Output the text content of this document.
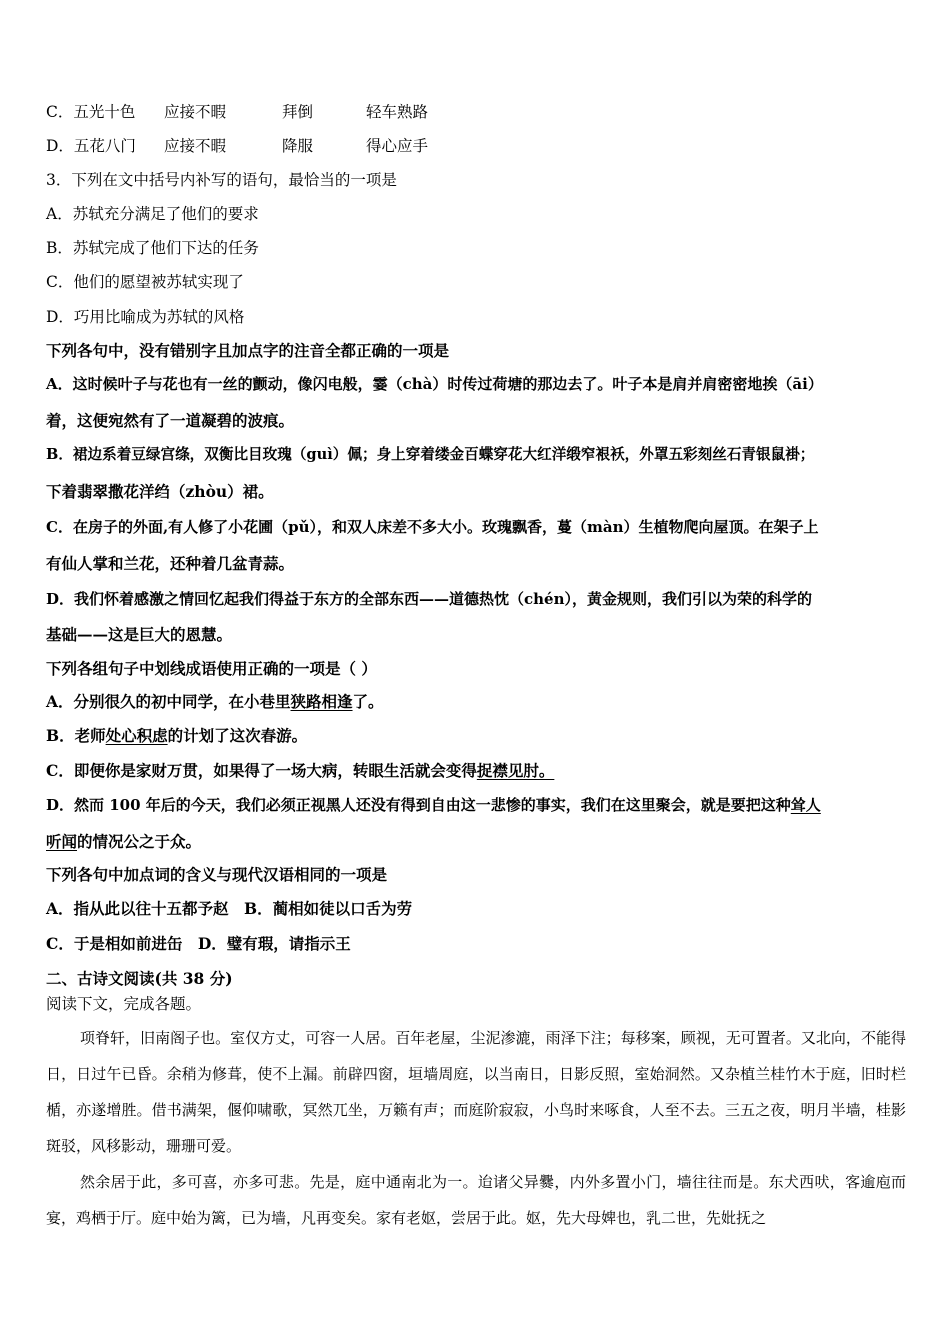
C．五光十色 应接不暇	拜倒	轻车熟路
D．五花八门 应接不暇	降服	得心应手
3．下列在文中括号内补写的语句，最恰当的一项是
A．苏轼充分满足了他们的要求
B．苏轼完成了他们下达的任务
C．他们的愿望被苏轼实现了
D．巧用比喻成为苏轼的风格
下列各句中，没有错别字且加点字的注音全都正确的一项是
A．这时候叶子与花也有一丝的颤动，像闪电般，霎（chà）时传过荷塘的那边去了。叶子本是肩并肩密密地挨（āi）
着，这便宛然有了一道凝碧的波痕。
B．裙边系着豆绿宫绦，双衡比目玫瑰（guì）佩；身上穿着缕金百蝶穿花大红洋缎窄裉袄，外罩五彩刻丝石青银鼠褂；
下着翡翠撒花洋绉（zhòu）裙。
C．在房子的外面,有人修了小花圃（pǔ），和双人床差不多大小。玫瑰飘香，蔓（màn）生植物爬向屋顶。在架子上
有仙人掌和兰花，还种着几盆青蒜。
D．我们怀着感激之情回忆起我们得益于东方的全部东西——道德热忱（chén），黄金规则，我们引以为荣的科学的
基础——这是巨大的恩慧。
下列各组句子中划线成语使用正确的一项是（ ）
A．分别很久的初中同学，在小巷里狭路相逢了。
B．老师处心积虑的计划了这次春游。
C．即便你是家财万贯，如果得了一场大病，转眼生活就会变得捉襟见肘。
D．然而 100 年后的今天，我们必须正视黑人还没有得到自由这一悲惨的事实，我们在这里聚会，就是要把这种耸人
听闻的情况公之于众。
下列各句中加点词的含义与现代汉语相同的一项是
A．指从此以往十五都予赵　B．蔺相如徒以口舌为劳
C．于是相如前进缶　D．璧有瑕，请指示王
二、古诗文阅读(共 38 分)
阅读下文，完成各题。
项脊轩，旧南阁子也。室仅方丈，可容一人居。百年老屋，尘泥渗漉，雨泽下注；每移案，顾视，无可置者。又北向，不能得日，日过午已昏。余稍为修葺，使不上漏。前辟四窗，垣墙周庭，以当南日，日影反照，室始洞然。又杂植兰桂竹木于庭，旧时栏楯，亦遂增胜。借书满架，偃仰啸歌，冥然兀坐，万籁有声；而庭阶寂寂，小鸟时来啄食，人至不去。三五之夜，明月半墙，桂影斑驳，风移影动，珊珊可爱。
然余居于此，多可喜，亦多可悲。先是，庭中通南北为一。迨诸父异爨，内外多置小门，墙往往而是。东犬西吠，客逾庖而宴，鸡栖于厅。庭中始为篱，已为墙，凡再变矣。家有老妪，尝居于此。妪，先大母婢也，乳二世，先妣抚之
